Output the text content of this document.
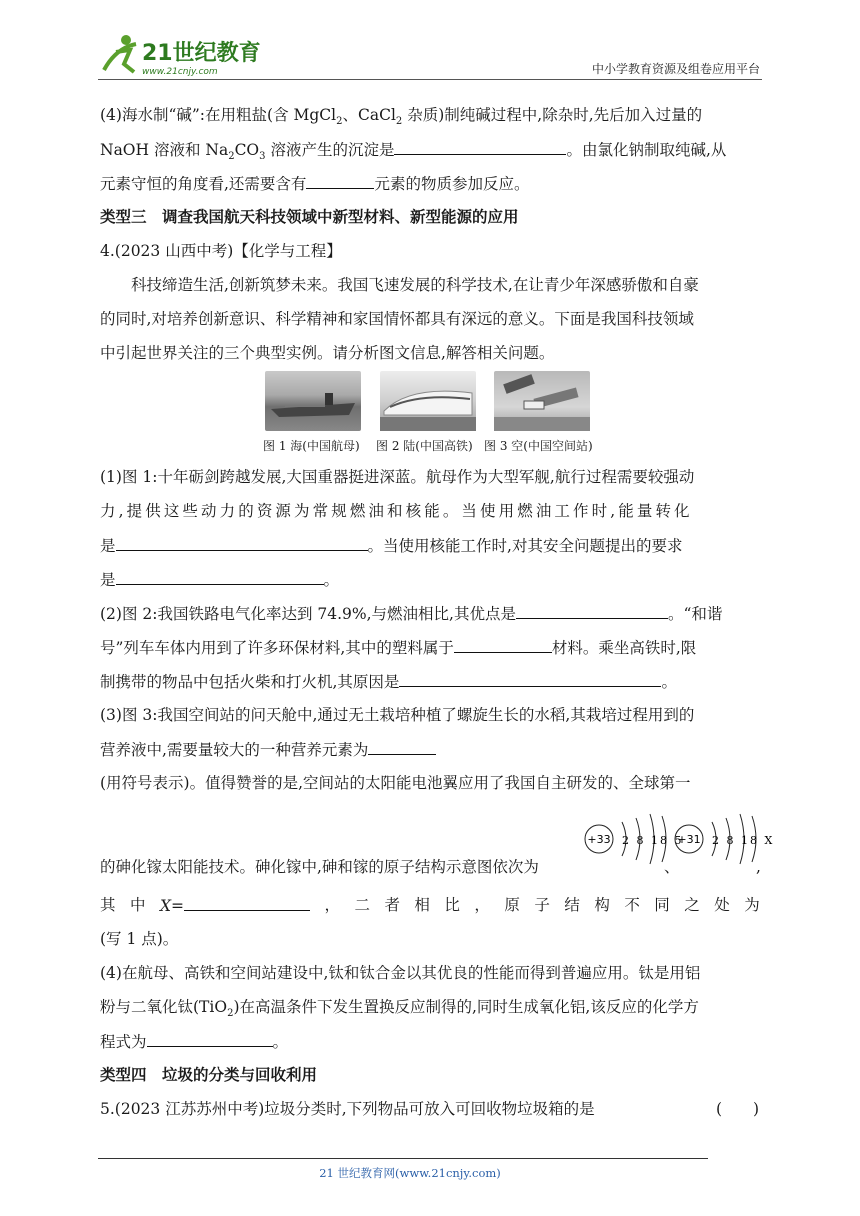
21世纪教育
www.21cnjy.com	中小学教育资源及组卷应用平台
(4)海水制“碱”:在用粗盐(含 MgCl$_2$、CaCl$_2$ 杂质)制纯碱过程中,除杂时,先后加入过量的
NaOH 溶液和 $Na_2CO_3$ 溶液产生的沉淀是	。由氯化钠制取纯碱,从
元素守恒的角度看,还需要含有	元素的物质参加反应。
类型三　调查我国航天科技领域中新型材料、新型能源的应用
4.(2023 山西中考)【化学与工程】
科技缔造生活,创新筑梦未来。我国飞速发展的科学技术,在让青少年深感骄傲和自豪
的同时,对培养创新意识、科学精神和家国情怀都具有深远的意义。下面是我国科技领域
中引起世界关注的三个典型实例。请分析图文信息,解答相关问题。
图 1 海(中国航母) 图 2 陆(中国高铁) 图 3 空(中国空间站)
(1)图 1:十年砺剑跨越发展,大国重器挺进深蓝。航母作为大型军舰,航行过程需要较强动
力,提供这些动力的资源为常规燃油和核能。当使用燃油工作时,能量转化
是	。当使用核能工作时,对其安全问题提出的要求
是	。
(2)图 2:我国铁路电气化率达到 74.9%,与燃油相比,其优点是	。“和谐
号”列车车体内用到了许多环保材料,其中的塑料属于	材料。乘坐高铁时,限
制携带的物品中包括火柴和打火机,其原因是	。
(3)图 3:我国空间站的问天舱中,通过无土栽培种植了螺旋生长的水稻,其栽培过程用到的
营养液中,需要量较大的一种营养元素为
(用符号表示)。值得赞誉的是,空间站的太阳能电池翼应用了我国自主研发的、全球第一
的砷化镓太阳能技术。砷化镓中,砷和镓的原子结构示意图依次为
+33 2 8 18 5
、
+31 2 8 18 X
,
其 中 X=	， 二 者 相 比 ， 原 子 结 构 不 同 之 处 为
(写 1 点)。
(4)在航母、高铁和空间站建设中,钛和钛合金以其优良的性能而得到普遍应用。钛是用铝
粉与二氧化钛(TiO$_2$)在高温条件下发生置换反应制得的,同时生成氧化铝,该反应的化学方
程式为	。
类型四　垃圾的分类与回收利用
5.(2023 江苏苏州中考)垃圾分类时,下列物品可放入可回收物垃圾箱的是	(　　)
21 世纪教育网(www.21cnjy.com)
